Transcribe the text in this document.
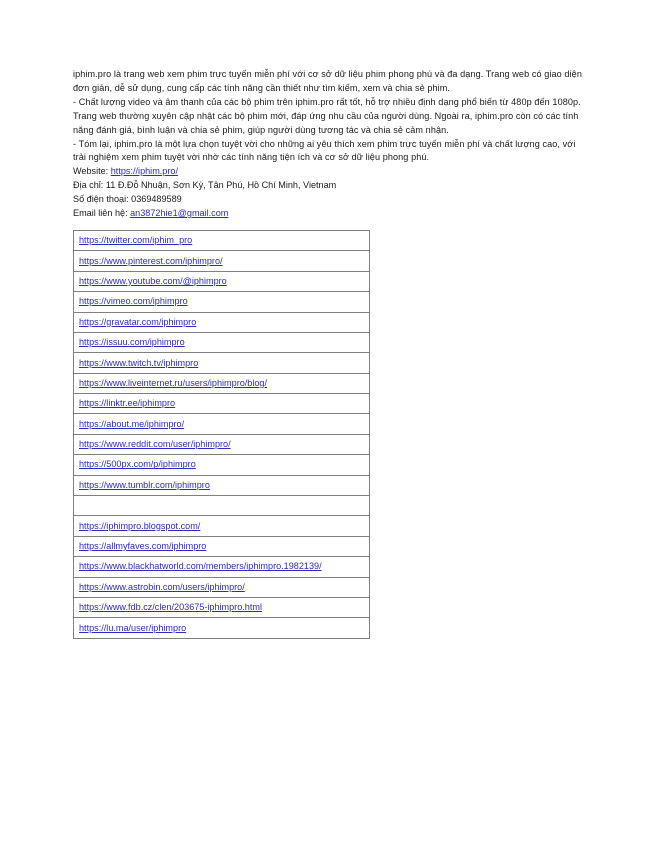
iphim.pro là trang web xem phim trực tuyến miễn phí với cơ sở dữ liệu phim phong phú và đa dạng. Trang web có giao diện đơn giản, dễ sử dụng, cung cấp các tính năng cần thiết như tìm kiếm, xem và chia sẻ phim.

- Chất lượng video và âm thanh của các bộ phim trên iphim.pro rất tốt, hỗ trợ nhiều định dạng phổ biến từ 480p đến 1080p. Trang web thường xuyên cập nhật các bộ phim mới, đáp ứng nhu cầu của người dùng. Ngoài ra, iphim.pro còn có các tính năng đánh giá, bình luận và chia sẻ phim, giúp người dùng tương tác và chia sẻ cảm nhận.

- Tóm lại, iphim.pro là một lựa chọn tuyệt vời cho những ai yêu thích xem phim trực tuyến miễn phí và chất lượng cao, với trải nghiệm xem phim tuyệt vời nhờ các tính năng tiện ích và cơ sở dữ liệu phong phú.

Website: https://iphim.pro/

Địa chỉ: 11 Đ.Đỗ Nhuận, Sơn Kỳ, Tân Phú, Hồ Chí Minh, Vietnam

Số điện thoại: 0369489589

Email liên hệ: an3872hie1@gmail.com

https://twitter.com/iphim_pro
https://www.pinterest.com/iphimpro/
https://www.youtube.com/@iphimpro
https://vimeo.com/iphimpro
https://gravatar.com/iphimpro
https://issuu.com/iphimpro
https://www.twitch.tv/iphimpro
https://www.liveinternet.ru/users/iphimpro/blog/
https://linktr.ee/iphimpro
https://about.me/iphimpro/
https://www.reddit.com/user/iphimpro/
https://500px.com/p/iphimpro
https://www.tumblr.com/iphimpro

https://iphimpro.blogspot.com/
https://allmyfaves.com/iphimpro
https://www.blackhatworld.com/members/iphimpro.1982139/
https://www.astrobin.com/users/iphimpro/
https://www.fdb.cz/clen/203675-iphimpro.html
https://lu.ma/user/iphimpro
